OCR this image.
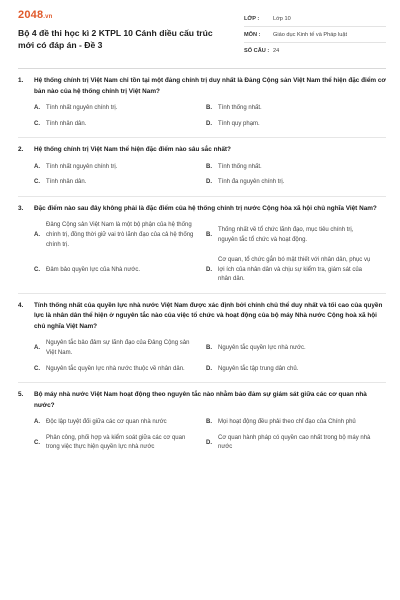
2048.vn
Bộ 4 đề thi học kì 2 KTPL 10 Cánh diều cấu trúc mới có đáp án - Đề 3
LỚP :	Lớp 10
MÔN :	Giáo dục Kinh tế và Pháp luật
SỐ CÂU : 24
1.	Hệ thống chính trị Việt Nam chỉ tồn tại một đảng chính trị duy nhất là Đảng Cộng sản Việt Nam thể hiện đặc điểm cơ bản nào của hệ thống chính trị Việt Nam?
A.	Tính nhất nguyên chính trị.	B.	Tính thống nhất.
C.	Tính nhân dân.	D.	Tính quy phạm.
2.	Hệ thống chính trị Việt Nam thể hiện đặc điểm nào sâu sắc nhất?
A.	Tính nhất nguyên chính trị.	B.	Tính thống nhất.
C.	Tính nhân dân.	D.	Tính đa nguyên chính trị.
3.	Đặc điểm nào sau đây không phải là đặc điểm của hệ thống chính trị nước Cộng hòa xã hội chủ nghĩa Việt Nam?
A.
Đảng Cộng sản Việt Nam là một bộ phận của hệ thống chính trị, đồng thời giữ vai trò lãnh đạo của cả hệ thống chính trị.
B.
Thống nhất về tổ chức lãnh đạo, mục tiêu chính trị, nguyên tắc tổ chức và hoạt động.
C.	Đảm bảo quyền lực của Nhà nước.	D.
Cơ quan, tổ chức gắn bó mật thiết với nhân dân, phục vụ lợi ích của nhân dân và chịu sự kiểm tra, giám sát của nhân dân.
4.	Tính thống nhất của quyền lực nhà nước Việt Nam được xác định bởi chính chủ thể duy nhất và tối cao của quyền lực là nhân dân thể hiện ở nguyên tắc nào của việc tổ chức và hoạt động của bộ máy Nhà nước Cộng hoà xã hội chủ nghĩa Việt Nam?
A.
Nguyên tắc bảo đảm sự lãnh đạo của Đảng Cộng sản Việt Nam.
B.	Nguyên tắc quyền lực nhà nước.
C.	Nguyên tắc quyền lực nhà nước thuộc về nhân dân.	D.	Nguyên tắc tập trung dân chủ.
5.	Bộ máy nhà nước Việt Nam hoạt động theo nguyên tắc nào nhằm bảo đảm sự giám sát giữa các cơ quan nhà nước?
A.	Độc lập tuyệt đối giữa các cơ quan nhà nước	B.	Mọi hoạt động đều phải theo chỉ đạo của Chính phủ
C.
Phân công, phối hợp và kiểm soát giữa các cơ quan trong việc thực hiện quyền lực nhà nước
D.
Cơ quan hành pháp có quyền cao nhất trong bộ máy nhà nước
